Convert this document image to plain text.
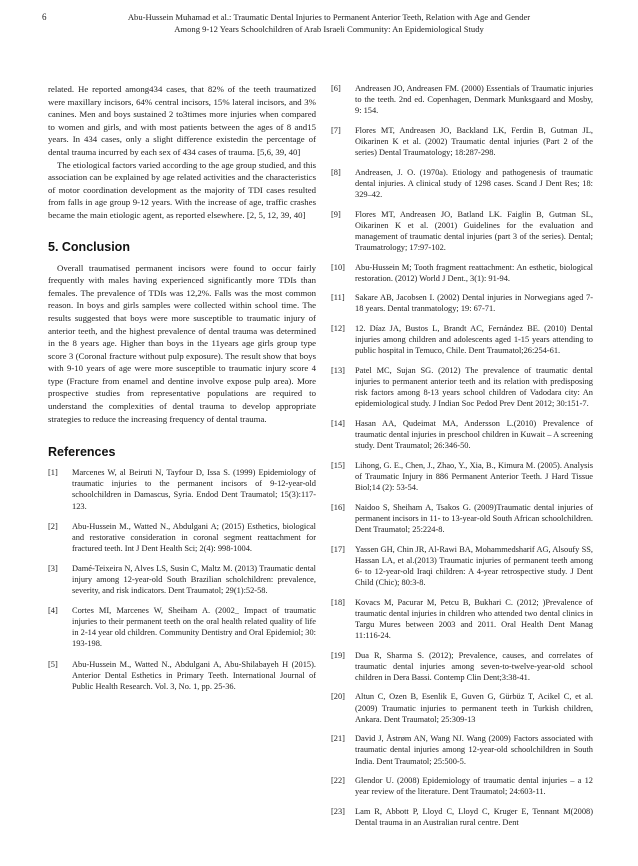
6	Abu-Hussein Muhamad et al.: Traumatic Dental Injuries to Permanent Anterior Teeth, Relation with Age and Gender
Among 9-12 Years Schoolchildren of Arab Israeli Community: An Epidemiological Study

related. He reported among434 cases, that 82% of the teeth traumatized were maxillary incisors, 64% central incisors, 15% lateral incisors, and 3% canines. Men and boys sustained 2 to3times more injuries when compared to women and girls, and with most patients between the ages of 8 and15 years. In 434 cases, only a slight difference existedin the percentage of dental trauma incurred by each sex of 434 cases of trauma. [5,6, 39, 40]

The etiological factors varied according to the age group studied, and this association can be explained by age related activities and the characteristics of motor coordination development as the majority of TDI cases resulted from falls in age group 9-12 years. With the increase of age, traffic crashes became the main etiologic agent, as reported elsewhere. [2, 5, 12, 39, 40]

5. Conclusion

Overall traumatised permanent incisors were found to occur fairly frequently with males having experienced significantly more TDIs than females. The prevalence of TDIs was 12,2%. Falls was the most common reason. In boys and girls samples were collected within school time. The results suggested that boys were more susceptible to traumatic injury of anterior teeth, and the highest prevalence of dental trauma was determined in the 8 years age. Higher than boys in the 11years age girls group type score 3 (Coronal fracture without pulp exposure). The result show that boys with 9-10 years of age were more susceptible to traumatic injury score 4 type (Fracture from enamel and dentine involve expose pulp area). More prospective studies from representative populations are required to understand the complexities of dental trauma to develop appropriate strategies to reduce the increasing frequency of dental trauma.

References
[1]	Marcenes W, al Beiruti N, Tayfour D, Issa S. (1999) Epidemiology of traumatic injuries to the permanent incisors of 9-12-year-old schoolchildren in Damascus, Syria. Endod Dent Traumatol; 15(3):117-123.
[2]	Abu-Hussein M., Watted N., Abdulgani A; (2015) Esthetics, biological and restorative consideration in coronal segment reattachment for fractured teeth. Int J Dent Health Sci; 2(4): 998-1004.
[3]	Damé-Teixeira N, Alves LS, Susin C, Maltz M. (2013) Traumatic dental injury among 12-year-old South Brazilian scholchildren: prevalence, severity, and risk indicators. Dent Traumatol; 29(1):52-58.
[4]	Cortes MI, Marcenes W, Sheiham A. (2002_ Impact of traumatic injuries to their permanent teeth on the oral health related quality of life in 2-14 year old children. Community Dentistry and Oral Epidemiol; 30: 193-198.
[5]	Abu-Hussein M., Watted N., Abdulgani A, Abu-Shilabayeh H (2015). Anterior Dental Esthetics in Primary Teeth. International Journal of Public Health Research. Vol. 3, No. 1, pp. 25-36.
[6]	Andreasen JO, Andreasen FM. (2000) Essentials of Traumatic injuries to the teeth. 2nd ed. Copenhagen, Denmark Munksgaard and Mosby, 9: 154.
[7]	Flores MT, Andreasen JO, Backland LK, Ferdin B, Gutman JL, Oikarinen K et al. (2002) Traumatic dental injuries (Part 2 of the series) Dental Traumatology; 18:287-298.
[8]	Andreasen, J. O. (1970a). Etiology and pathogenesis of traumatic dental injuries. A clinical study of 1298 cases. Scand J Dent Res; 18: 329–42.
[9]	Flores MT, Andreasen JO, Batland LK. Faiglin B, Gutman SL, Oikarinen K et al. (2001) Guidelines for the evaluation and management of traumatic dental injuries (part 3 of the series). Dental; Traumatrology; 17:97-102.
[10]	Abu-Hussein M; Tooth fragment reattachment: An esthetic, biological restoration. (2012) World J Dent., 3(1): 91-94.
[11]	Sakare AB, Jacobsen I. (2002) Dental injuries in Norwegians aged 7-18 years. Dental tranmatology; 19: 67-71.
[12]	12. Díaz JA, Bustos L, Brandt AC, Fernández BE. (2010) Dental injuries among children and adolescents aged 1‑15 years attending to public hospital in Temuco, Chile. Dent Traumatol;26:254‑61.
[13]	Patel MC, Sujan SG. (2012) The prevalence of traumatic dental injuries to permanent anterior teeth and its relation with predisposing risk factors among 8‑13 years school children of Vadodara city: An epidemiological study. J Indian Soc Pedod Prev Dent 2012; 30:151‑7.
[14]	Hasan AA, Qudeimat MA, Andersson L.(2010) Prevalence of traumatic dental injuries in preschool children in Kuwait – A screening study. Dent Traumatol; 26:346‑50.
[15]	Lihong, G. E., Chen, J., Zhao, Y., Xia, B., Kimura M. (2005). Analysis of Traumatic Injury in 886 Permanent Anterior Teeth. J Hard Tissue Biol;14 (2): 53-54.
[16]	Naidoo S, Sheiham A, Tsakos G. (2009)Traumatic dental injuries of permanent incisors in 11‑ to 13‑year‑old South African schoolchildren. Dent Traumatol; 25:224‑8.
[17]	Yassen GH, Chin JR, Al‑Rawi BA, Mohammedsharif AG, Alsoufy SS, Hassan LA, et al.(2013) Traumatic injuries of permanent teeth among 6‑ to 12‑year‑old Iraqi children: A 4‑year retrospective study. J Dent Child (Chic); 80:3‑8.
[18]	Kovacs M, Pacurar M, Petcu B, Bukhari C. (2012; )Prevalence of traumatic dental injuries in children who attended two dental clinics in Targu Mures between 2003 and 2011. Oral Health Dent Manag 11:116‑24.
[19]	Dua R, Sharma S. (2012); Prevalence, causes, and correlates of traumatic dental injuries among seven‑to‑twelve‑year‑old school children in Dera Bassi. Contemp Clin Dent;3:38‑41.
[20]	Altun C, Ozen B, Esenlik E, Guven G, Gürbüz T, Acikel C, et al. (2009) Traumatic injuries to permanent teeth in Turkish children, Ankara. Dent Traumatol; 25:309-13
[21]	David J, Åstrøm AN, Wang NJ. Wang (2009) Factors associated with traumatic dental injuries among 12‑year‑old schoolchildren in South India. Dent Traumatol; 25:500‑5.
[22]	Glendor U. (2008) Epidemiology of traumatic dental injuries – a 12 year review of the literature. Dent Traumatol; 24:603-11.
[23]	Lam R, Abbott P, Lloyd C, Lloyd C, Kruger E, Tennant M(2008) Dental trauma in an Australian rural centre. Dent
